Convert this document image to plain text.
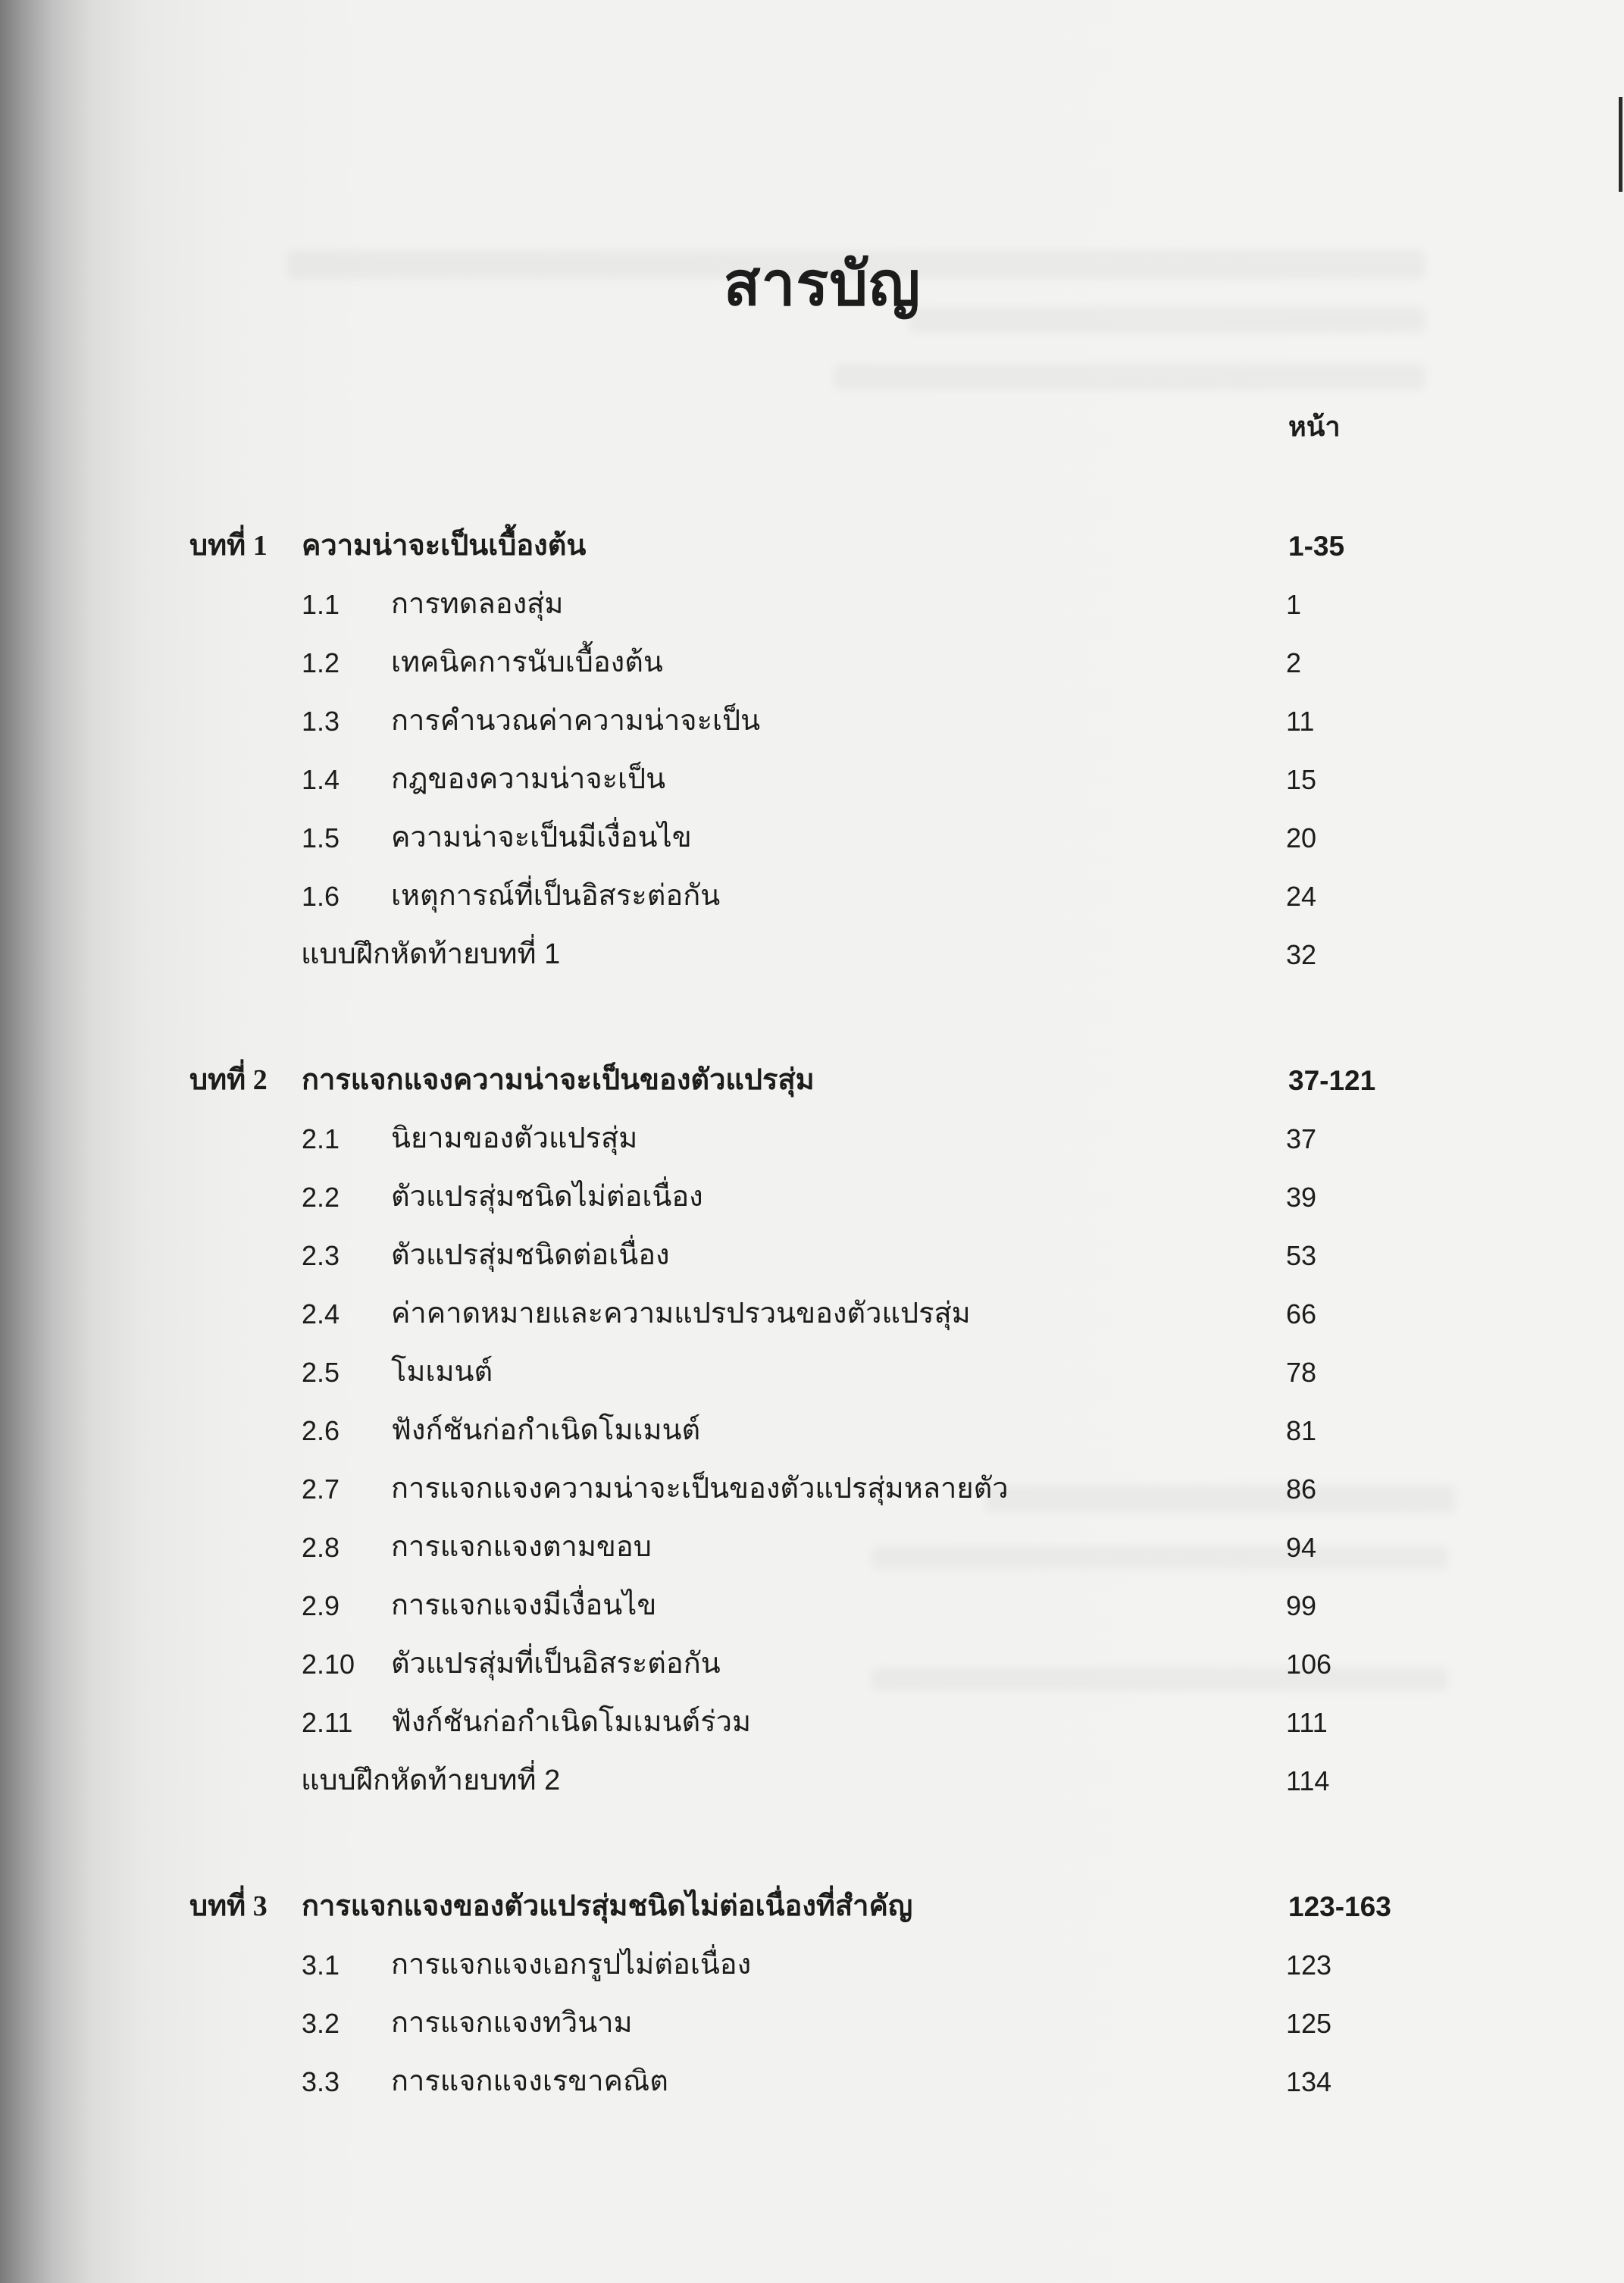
สารบัญ
หน้า
บทที่ 1 ความน่าจะเป็นเบื้องต้น	1-35
1.1 การทดลองสุ่ม	1
1.2 เทคนิคการนับเบื้องต้น	2
1.3 การคำนวณค่าความน่าจะเป็น	11
1.4 กฎของความน่าจะเป็น	15
1.5 ความน่าจะเป็นมีเงื่อนไข	20
1.6 เหตุการณ์ที่เป็นอิสระต่อกัน	24
แบบฝึกหัดท้ายบทที่ 1	32
บทที่ 2 การแจกแจงความน่าจะเป็นของตัวแปรสุ่ม	37-121
2.1 นิยามของตัวแปรสุ่ม	37
2.2 ตัวแปรสุ่มชนิดไม่ต่อเนื่อง	39
2.3 ตัวแปรสุ่มชนิดต่อเนื่อง	53
2.4 ค่าคาดหมายและความแปรปรวนของตัวแปรสุ่ม	66
2.5 โมเมนต์	78
2.6 ฟังก์ชันก่อกำเนิดโมเมนต์	81
2.7 การแจกแจงความน่าจะเป็นของตัวแปรสุ่มหลายตัว	86
2.8 การแจกแจงตามขอบ	94
2.9 การแจกแจงมีเงื่อนไข	99
2.10 ตัวแปรสุ่มที่เป็นอิสระต่อกัน	106
2.11 ฟังก์ชันก่อกำเนิดโมเมนต์ร่วม	111
แบบฝึกหัดท้ายบทที่ 2	114
บทที่ 3 การแจกแจงของตัวแปรสุ่มชนิดไม่ต่อเนื่องที่สำคัญ	123-163
3.1 การแจกแจงเอกรูปไม่ต่อเนื่อง	123
3.2 การแจกแจงทวินาม	125
3.3 การแจกแจงเรขาคณิต	134
